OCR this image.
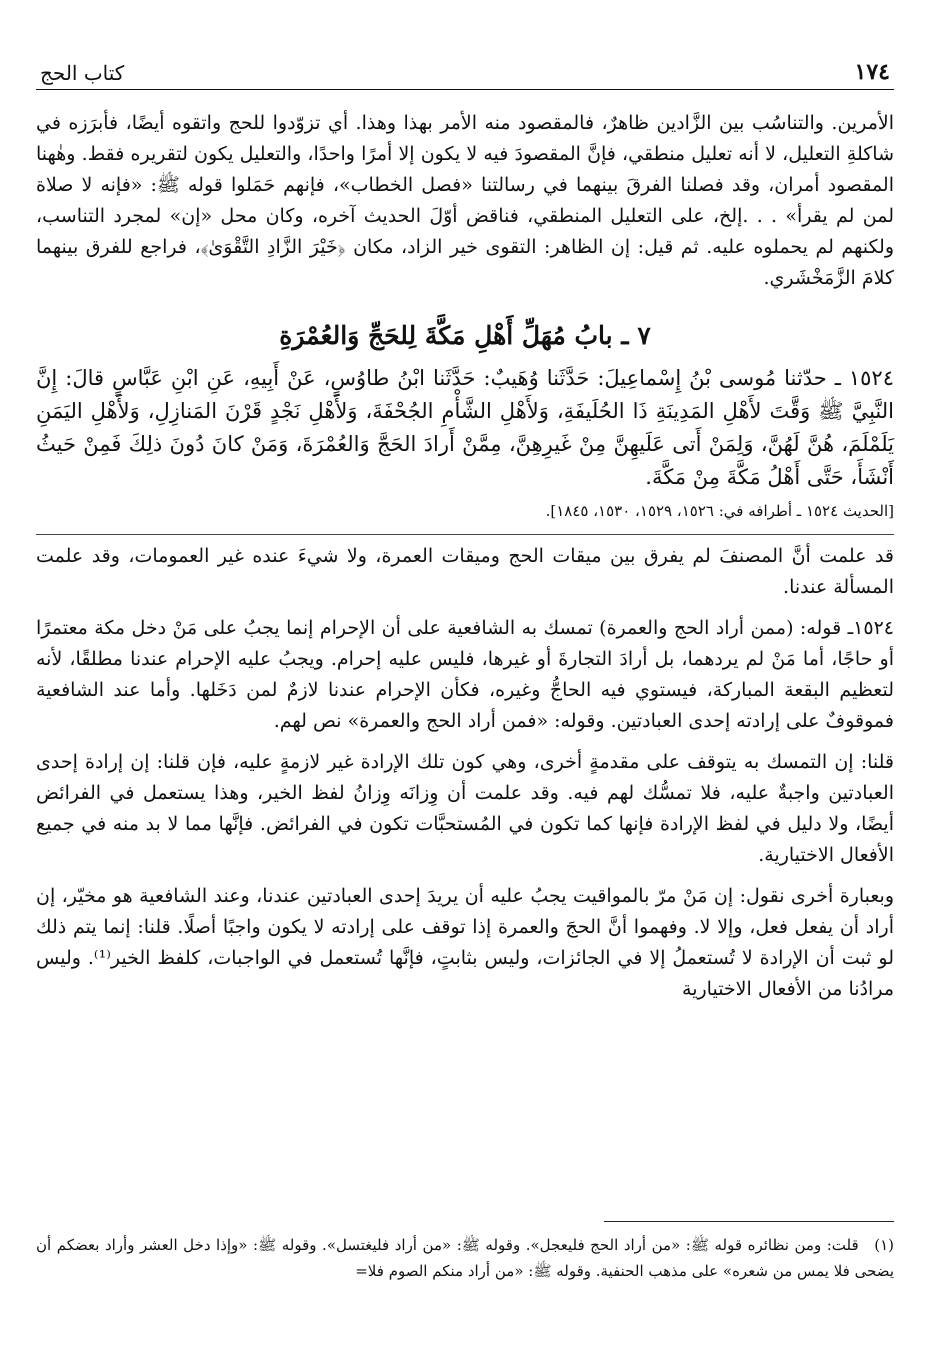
١٧٤
كتاب الحج

الأمرين. والتناسُب بين الزَّادين ظاهرٌ، فالمقصود منه الأمر بهذا وهذا. أي تزوّدوا للحج واتقوه أيضًا، فأبرَزه في شاكلةِ التعليل، لا أنه تعليل منطقي، فإنَّ المقصودَ فيه لا يكون إلا أمرًا واحدًا، والتعليل يكون لتقريره فقط. وهٰهنا المقصود أمران، وقد فصلنا الفرقَ بينهما في رسالتنا «فصل الخطاب»، فإنهم حَمَلوا قوله ﷺ: «فإنه لا صلاة لمن لم يقرأ» . . .إلخ، على التعليل المنطقي، فناقض أوّلَ الحديث آخره، وكان محل «إن» لمجرد التناسب، ولكنهم لم يحملوه عليه. ثم قيل: إن الظاهر: التقوى خير الزاد، مكان ﴿خَيْرَ الزَّادِ التَّقْوَىٰ﴾، فراجع للفرق بينهما كلامَ الزَّمَخْشَري.

٧ ـ بابُ مُهَلِّ أَهْلِ مَكَّةَ لِلحَجِّ وَالعُمْرَةِ

١٥٢٤ ـ حدّثنا مُوسى بْنُ إِسْماعِيلَ: حَدَّثَنا وُهَيبٌ: حَدَّثَنا ابْنُ طاوُسٍ، عَنْ أَبِيهِ، عَنِ ابْنِ عَبَّاسٍ قالَ: إِنَّ النَّبِيَّ ﷺ وَقَّتَ لأَهْلِ المَدِينَةِ ذَا الحُلَيفَةِ، وَلأَهْلِ الشَّأْمِ الجُحْفَةَ، وَلأَهْلِ نَجْدٍ قَرْنَ المَنازِلِ، وَلأَهْلِ اليَمَنِ يَلَمْلَمَ، هُنَّ لَهُنَّ، وَلِمَنْ أَتى عَلَيهِنَّ مِنْ غَيرِهِنَّ، مِمَّنْ أَرادَ الحَجَّ وَالعُمْرَةَ، وَمَنْ كانَ دُونَ ذلِكَ فَمِنْ حَيثُ أَنْشَأَ، حَتَّى أَهْلُ مَكَّةَ مِنْ مَكَّةَ.

[الحديث ١٥٢٤ ـ أطرافه في: ١٥٢٦، ١٥٢٩، ١٥٣٠، ١٨٤٥].

قد علمت أنَّ المصنفَ لم يفرق بين ميقات الحج وميقات العمرة، ولا شيءَ عنده غير العمومات، وقد علمت المسألة عندنا.

١٥٢٤ـ قوله: (ممن أراد الحج والعمرة) تمسك به الشافعية على أن الإحرام إنما يجبُ على مَنْ دخل مكة معتمرًا أو حاجًا، أما مَنْ لم يردهما، بل أرادَ التجارةَ أو غيرها، فليس عليه إحرام. ويجبُ عليه الإحرام عندنا مطلقًا، لأنه لتعظيم البقعة المباركة، فيستوي فيه الحاجُّ وغيره، فكأن الإحرام عندنا لازمٌ لمن دَخَلها. وأما عند الشافعية فموقوفٌ على إرادته إحدى العبادتين. وقوله: «فمن أراد الحج والعمرة» نص لهم.

قلنا: إن التمسك به يتوقف على مقدمةٍ أخرى، وهي كون تلك الإرادة غير لازمةٍ عليه، فإن قلنا: إن إرادة إحدى العبادتين واجبةٌ عليه، فلا تمسُّك لهم فيه. وقد علمت أن وِزانَه وِزانُ لفظ الخير، وهذا يستعمل في الفرائض أيضًا، ولا دليل في لفظ الإرادة فإنها كما تكون في المُستحبَّات تكون في الفرائض. فإنَّها مما لا بد منه في جميع الأفعال الاختيارية.

وبعبارة أخرى نقول: إن مَنْ مرّ بالمواقيت يجبُ عليه أن يريدَ إحدى العبادتين عندنا، وعند الشافعية هو مخيّر، إن أراد أن يفعل فعل، وإلا لا. وفهموا أنَّ الحجَ والعمرة إذا توقف على إرادته لا يكون واجبًا أصلًا. قلنا: إنما يتم ذلك لو ثبت أن الإرادة لا تُستعملُ إلا في الجائزات، وليس بثابتٍ، فإنَّها تُستعمل في الواجبات، كلفظ الخير⁽¹⁾. وليس مرادُنا من الأفعال الاختيارية

(١) قلت: ومن نظائره قوله ﷺ: «من أراد الحج فليعجل». وقوله ﷺ: «من أراد فليغتسل». وقوله ﷺ: «وإذا دخل العشر وأراد بعضكم أن يضحى فلا يمس من شعره» على مذهب الحنفية. وقوله ﷺ: «من أراد منكم الصوم فلا=
